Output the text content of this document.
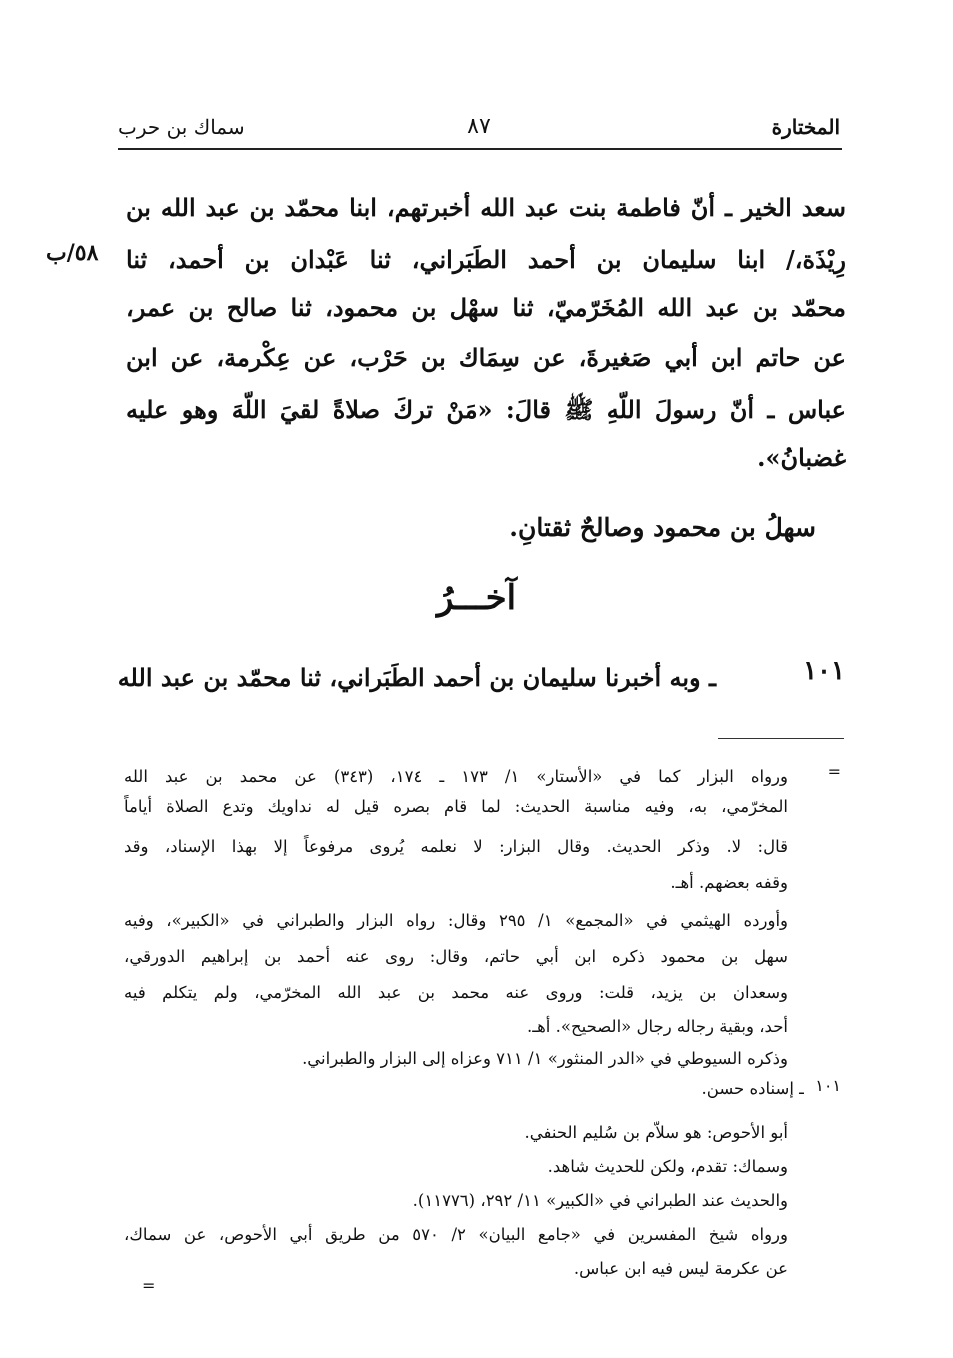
المختارة
٨٧
سماك بن حرب
سعد الخير ـ أنّ فاطمة بنت عبد الله أخبرتهم، ابنا محمّد بن عبد الله بن
رِيْذَة،/ ابنا سليمان بن أحمد الطَبَراني، ثنا عَبْدان بن أحمد، ثنا
محمّد بن عبد الله المُخَرّميّ، ثنا سهْل بن محمود، ثنا صالح بن عمر،
عن حاتم ابن أبي صَغيرةَ، عن سِمَاك بن حَرْب، عن عِكْرمة، عن ابن
عباس ـ أنّ رسولَ اللّهِ ﷺ قالَ: «مَنْ تركَ صلاةً لقيَ اللّهَ وهو عليه
غضبانُ».
٥٨/ب
سهلُ بن محمود وصالحٌ ثقتانِ.
آخـــرُ
١٠١
ـ وبه أخبرنا سليمان بن أحمد الطَبَراني، ثنا محمّد بن عبد الله
=
ورواه البزار كما في «الأستار» ١/ ١٧٣ ـ ١٧٤، (٣٤٣) عن محمد بن عبد الله
المخرّمي، به، وفيه مناسبة الحديث: لما قام بصره قيل له نداويك وتدع الصلاة أياماً
قال: لا. وذكر الحديث. وقال البزار: لا نعلمه يُروى مرفوعاً إلا بهذا الإسناد، وقد
وقفه بعضهم. أهـ.
وأورده الهيثمي في «المجمع» ١/ ٢٩٥ وقال: رواه البزار والطبراني في «الكبير»، وفيه
سهل بن محمود ذكره ابن أبي حاتم، وقال: روى عنه أحمد بن إبراهيم الدورقي،
وسعدان بن يزيد، قلت: وروى عنه محمد بن عبد الله المخرّمي، ولم يتكلم فيه
أحد، وبقية رجاله رجال «الصحيح». أهـ.
وذكره السيوطي في «الدر المنثور» ١/ ٧١١ وعزاه إلى البزار والطبراني.
١٠١
ـ إسناده حسن.
أبو الأحوص: هو سلاّم بن سُليم الحنفي.
وسماك: تقدم، ولكن للحديث شاهد.
والحديث عند الطبراني في «الكبير» ١١/ ٢٩٢، (١١٧٧٦).
ورواه شيخ المفسرين في «جامع البيان» ٢/ ٥٧٠ من طريق أبي الأحوص، عن سماك،
عن عكرمة ليس فيه ابن عباس.
=
